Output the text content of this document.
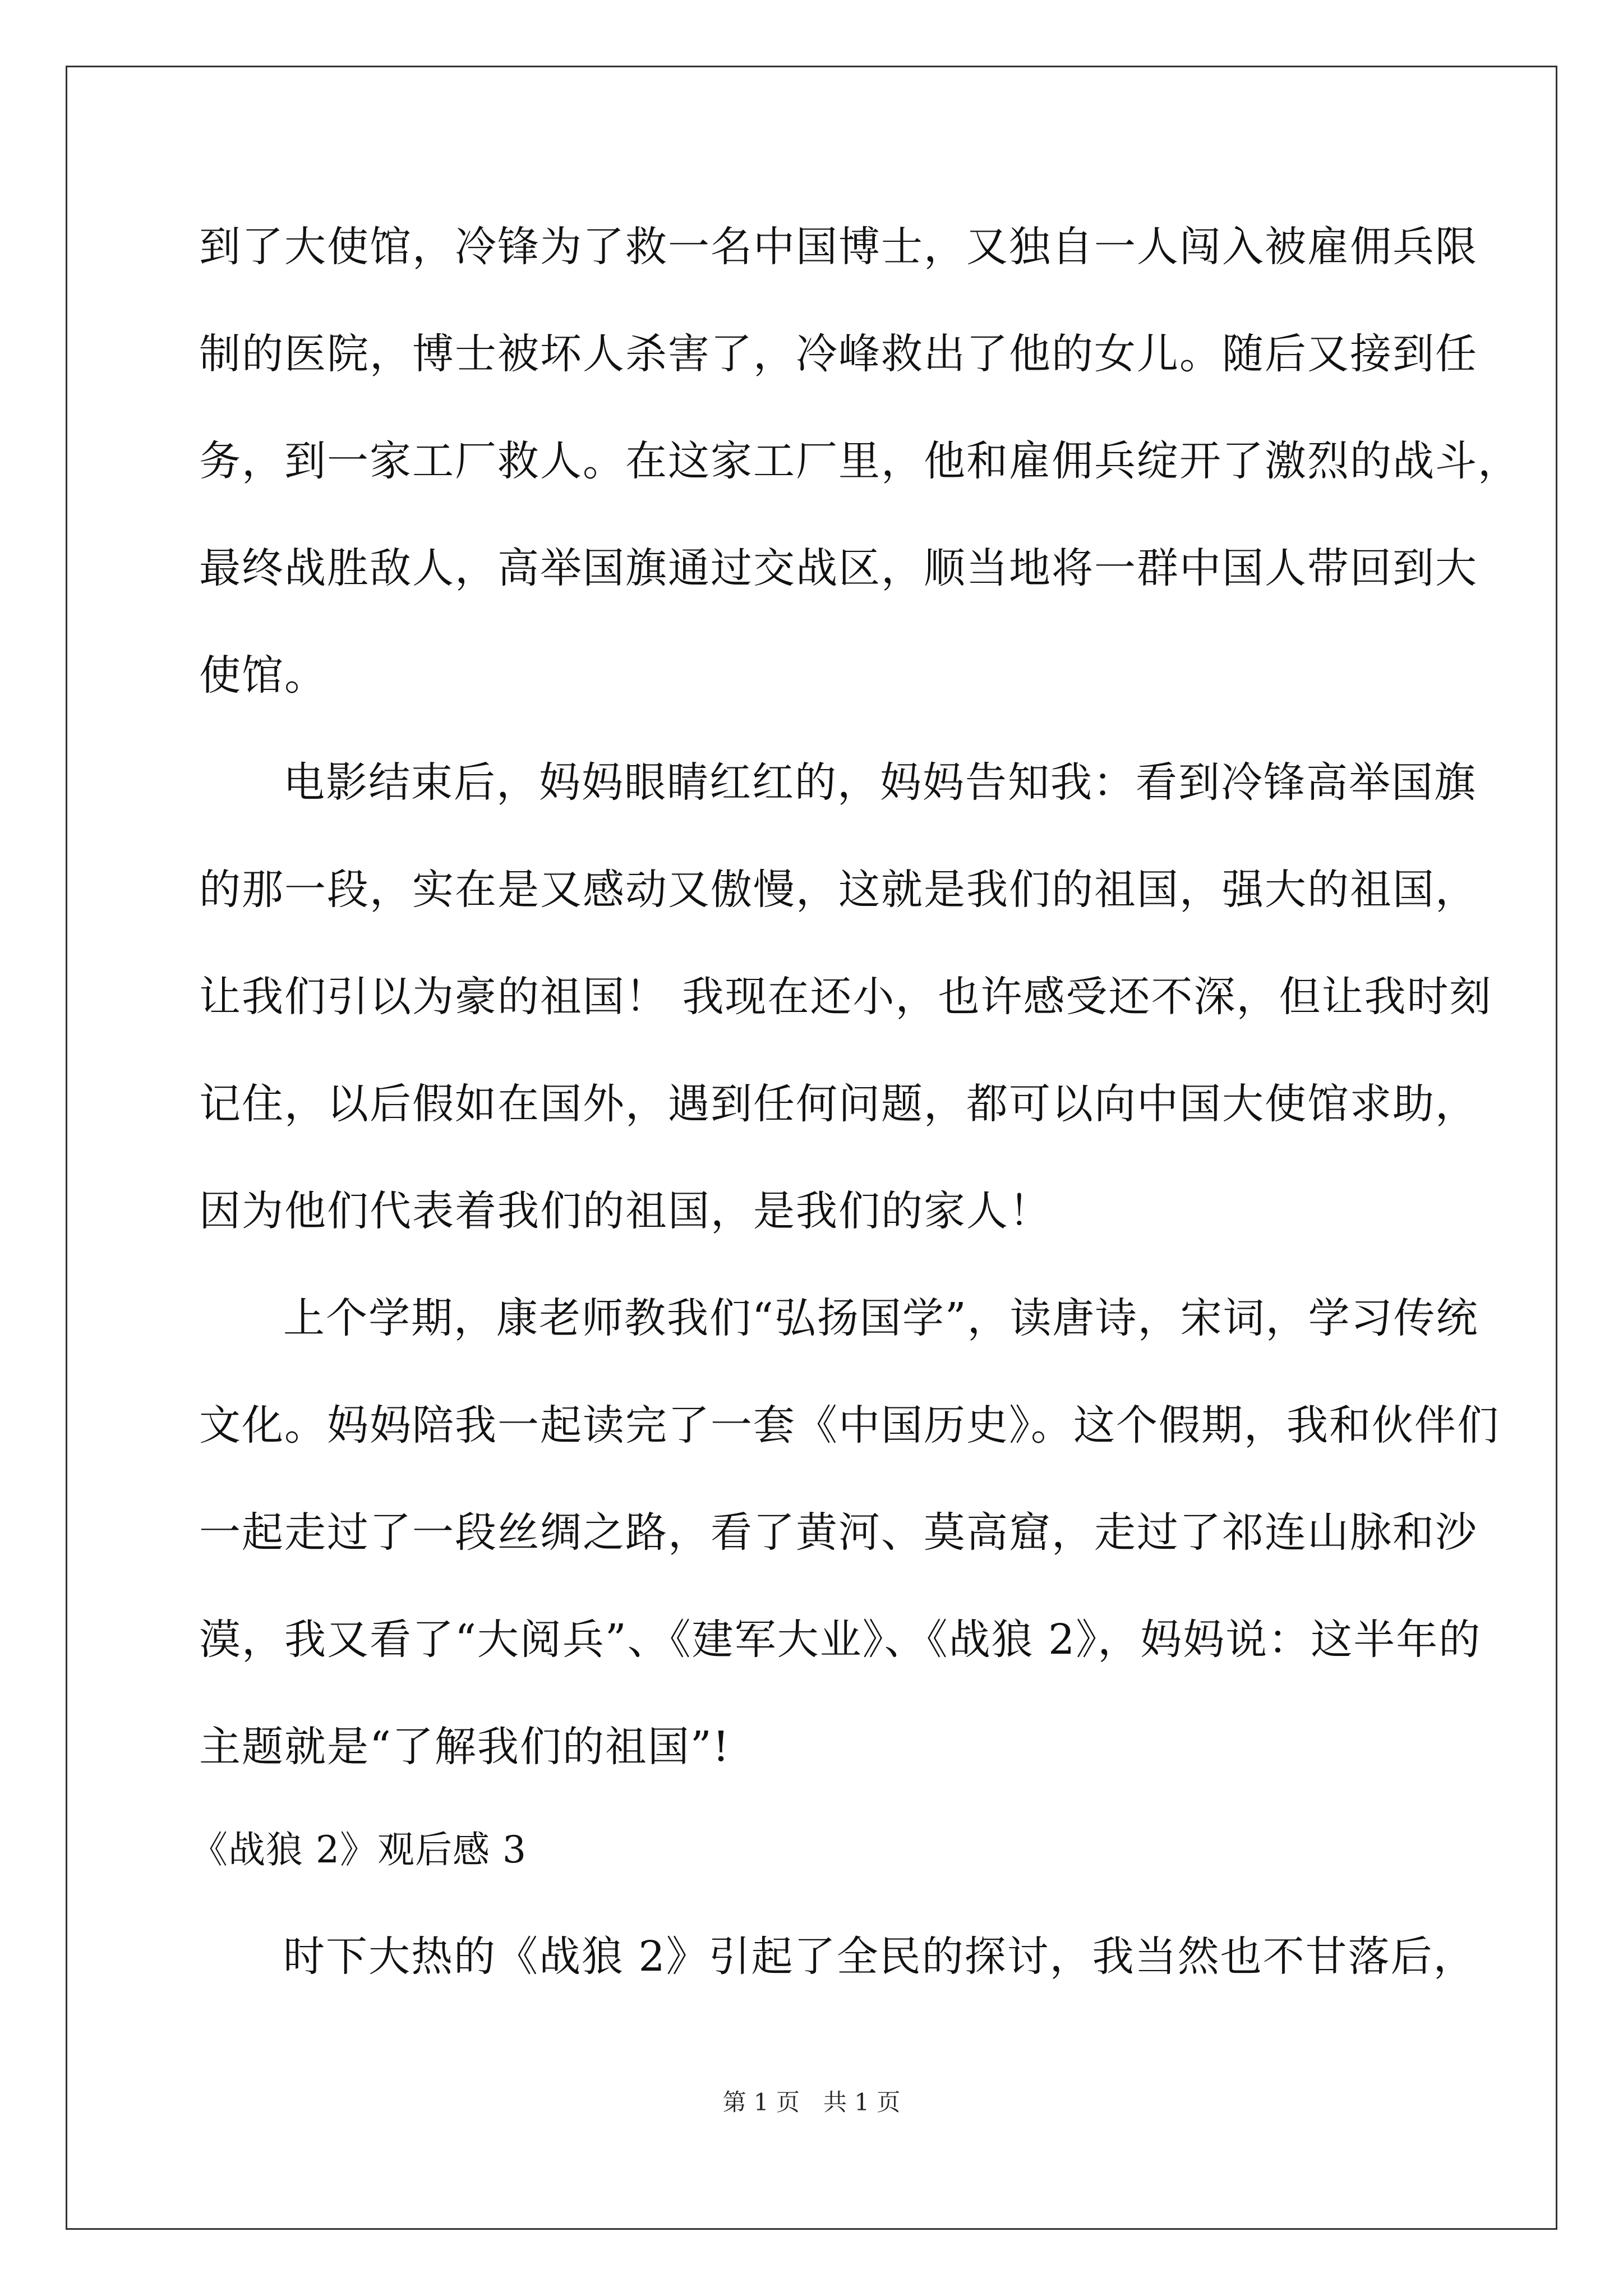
到了大使馆，冷锋为了救一名中国博士，又独自一人闯入被雇佣兵限
制的医院，博士被坏人杀害了，冷峰救出了他的女儿。随后又接到任
务，到一家工厂救人。在这家工厂里，他和雇佣兵绽开了激烈的战斗，
最终战胜敌人，高举国旗通过交战区，顺当地将一群中国人带回到大
使馆。
电影结束后，妈妈眼睛红红的，妈妈告知我：看到冷锋高举国旗
的那一段，实在是又感动又傲慢，这就是我们的祖国，强大的祖国，
让我们引以为豪的祖国！ 我现在还小，也许感受还不深，但让我时刻
记住，以后假如在国外，遇到任何问题，都可以向中国大使馆求助，
因为他们代表着我们的祖国，是我们的家人！
上个学期，康老师教我们“弘扬国学”，读唐诗，宋词，学习传统
文化。妈妈陪我一起读完了一套《中国历史》。这个假期，我和伙伴们
一起走过了一段丝绸之路，看了黄河、莫高窟，走过了祁连山脉和沙
漠，我又看了“大阅兵”、《建军大业》、《战狼 2》，妈妈说：这半年的
主题就是“了解我们的祖国”!
《战狼 2》观后感 3
时下大热的《战狼 2》引起了全民的探讨，我当然也不甘落后，
第 1 页　共 1 页
